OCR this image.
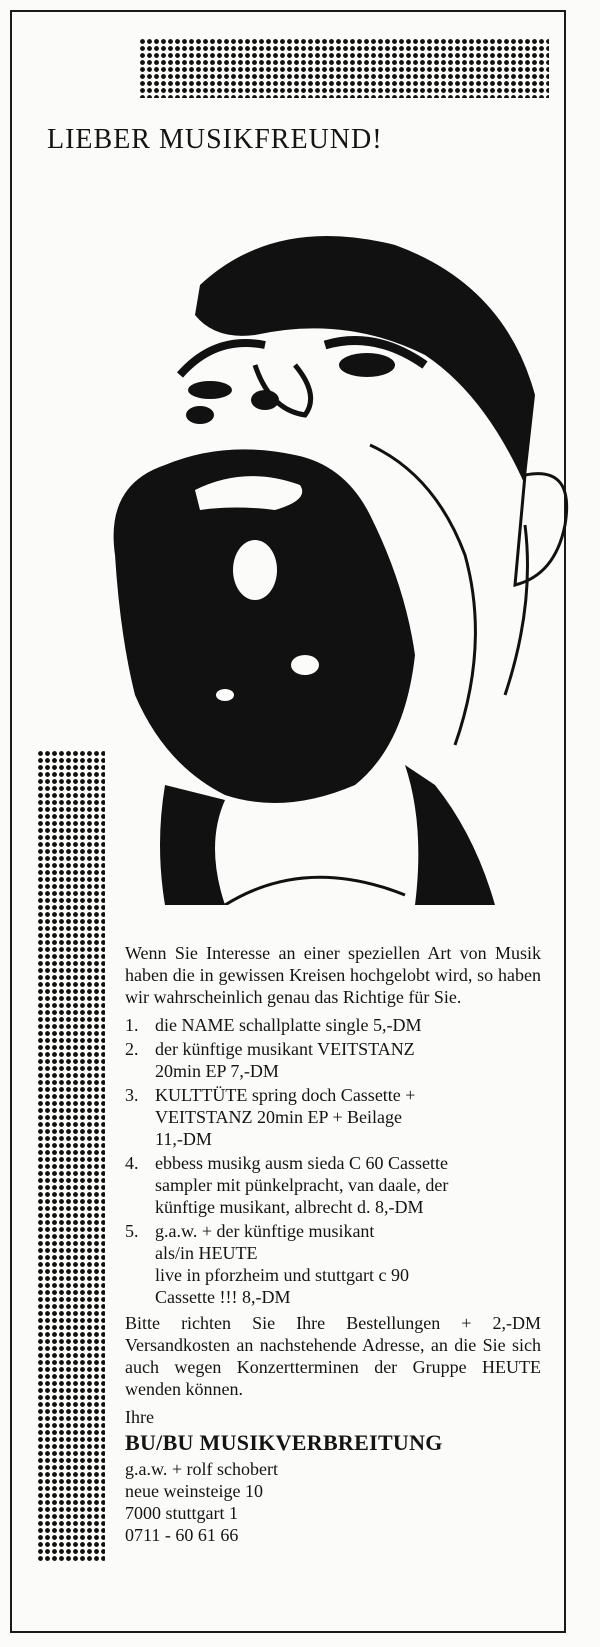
LIEBER MUSIKFREUND!

Wenn Sie Interesse an einer speziellen Art von Musik haben die in gewissen Kreisen hochgelobt wird, so haben wir wahrscheinlich genau das Richtige für Sie.

1. die NAME schallplatte single 5,-DM
2. der künftige musikant VEITSTANZ
20min EP 7,-DM
3. KULTTÜTE spring doch Cassette +
VEITSTANZ 20min EP + Beilage
11,-DM
4. ebbess musikg ausm sieda C 60 Cassette
sampler mit pünkelpracht, van daale, der
künftige musikant, albrecht d. 8,-DM
5. g.a.w. + der künftige musikant
als/in HEUTE
live in pforzheim und stuttgart c 90
Cassette !!! 8,-DM

Bitte richten Sie Ihre Bestellungen + 2,-DM Versandkosten an nachstehende Adresse, an die Sie sich auch wegen Konzertterminen der Gruppe HEUTE wenden können.

Ihre

BU/BU MUSIKVERBREITUNG

g.a.w. + rolf schobert
neue weinsteige 10
7000 stuttgart 1
0711 - 60 61 66
